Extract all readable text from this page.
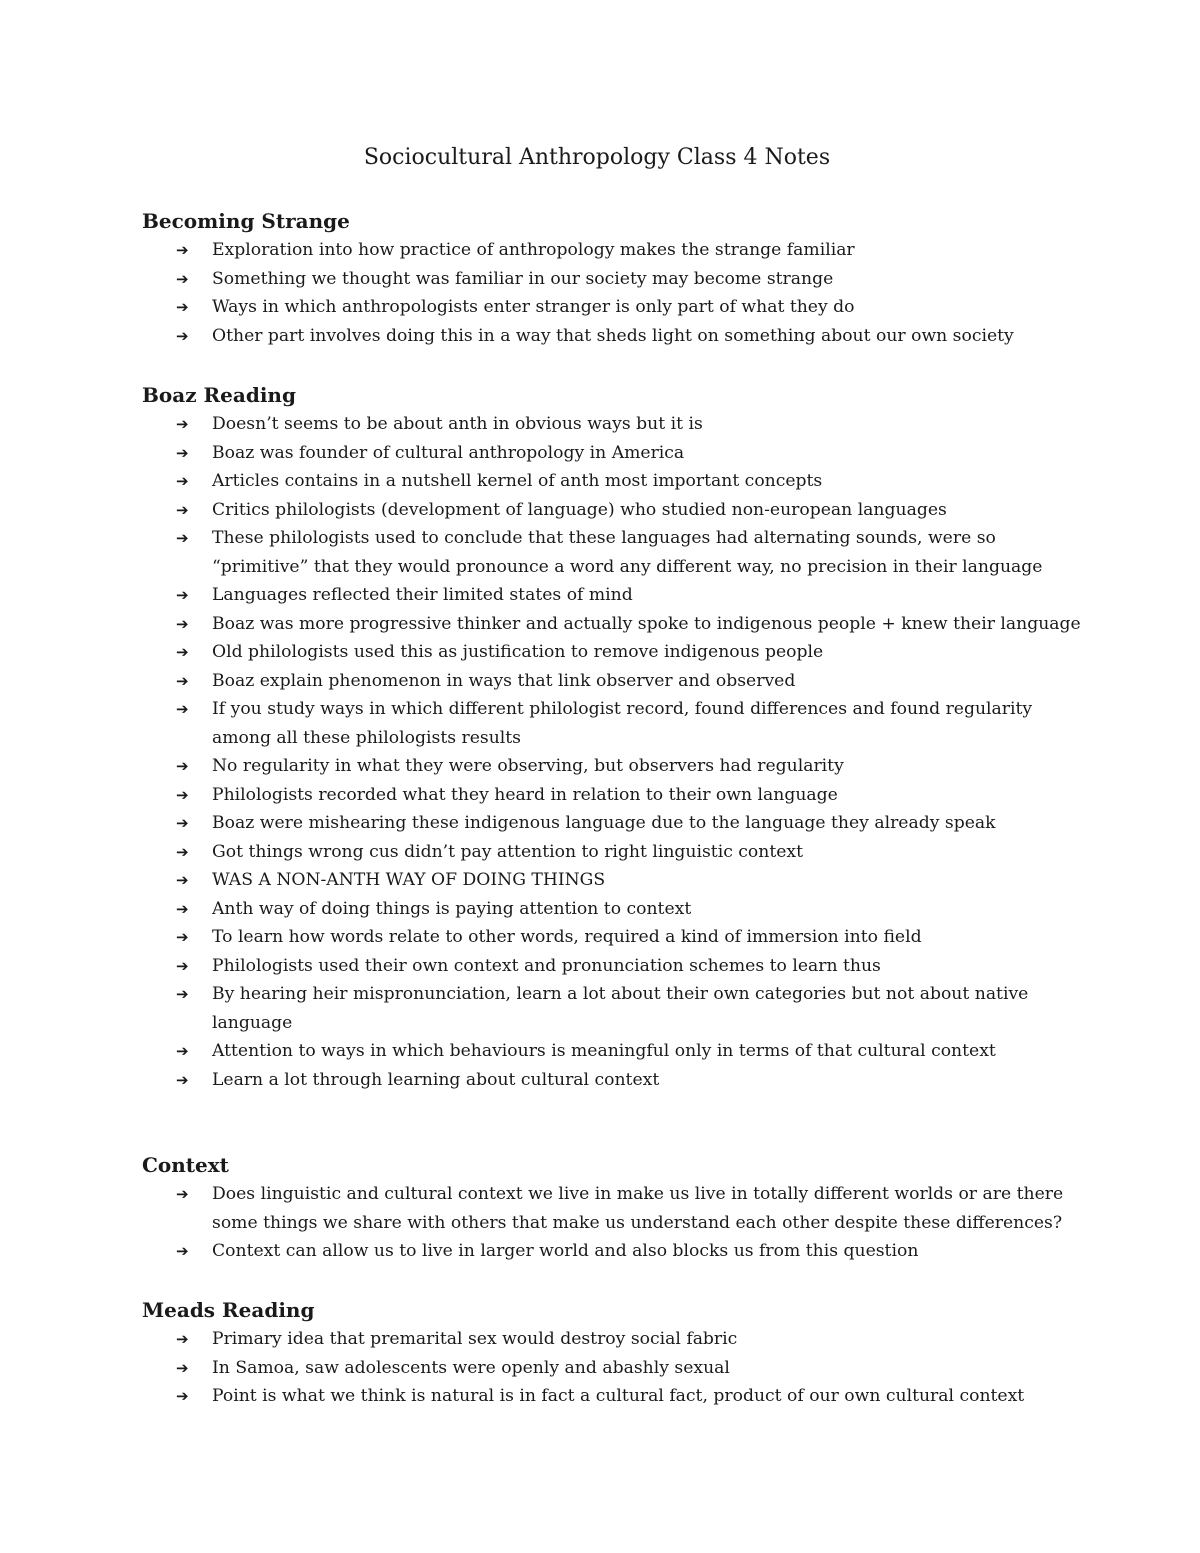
Sociocultural Anthropology Class 4 Notes
Becoming Strange
➔ Exploration into how practice of anthropology makes the strange familiar
➔ Something we thought was familiar in our society may become strange
➔ Ways in which anthropologists enter stranger is only part of what they do
➔ Other part involves doing this in a way that sheds light on something about our own society
Boaz Reading
➔ Doesn’t seems to be about anth in obvious ways but it is
➔ Boaz was founder of cultural anthropology in America
➔ Articles contains in a nutshell kernel of anth most important concepts
➔ Critics philologists (development of language) who studied non-european languages
➔ These philologists used to conclude that these languages had alternating sounds, were so “primitive” that they would pronounce a word any different way, no precision in their language
➔ Languages reflected their limited states of mind
➔ Boaz was more progressive thinker and actually spoke to indigenous people + knew their language
➔ Old philologists used this as justification to remove indigenous people
➔ Boaz explain phenomenon in ways that link observer and observed
➔ If you study ways in which different philologist record, found differences and found regularity among all these philologists results
➔ No regularity in what they were observing, but observers had regularity
➔ Philologists recorded what they heard in relation to their own language
➔ Boaz were mishearing these indigenous language due to the language they already speak
➔ Got things wrong cus didn’t pay attention to right linguistic context
➔ WAS A NON-ANTH WAY OF DOING THINGS
➔ Anth way of doing things is paying attention to context
➔ To learn how words relate to other words, required a kind of immersion into field
➔ Philologists used their own context and pronunciation schemes to learn thus
➔ By hearing heir mispronunciation, learn a lot about their own categories but not about native language
➔ Attention to ways in which behaviours is meaningful only in terms of that cultural context
➔ Learn a lot through learning about cultural context
Context
➔ Does linguistic and cultural context we live in make us live in totally different worlds or are there some things we share with others that make us understand each other despite these differences?
➔ Context can allow us to live in larger world and also blocks us from this question
Meads Reading
➔ Primary idea that premarital sex would destroy social fabric
➔ In Samoa, saw adolescents were openly and abashly sexual
➔ Point is what we think is natural is in fact a cultural fact, product of our own cultural context
